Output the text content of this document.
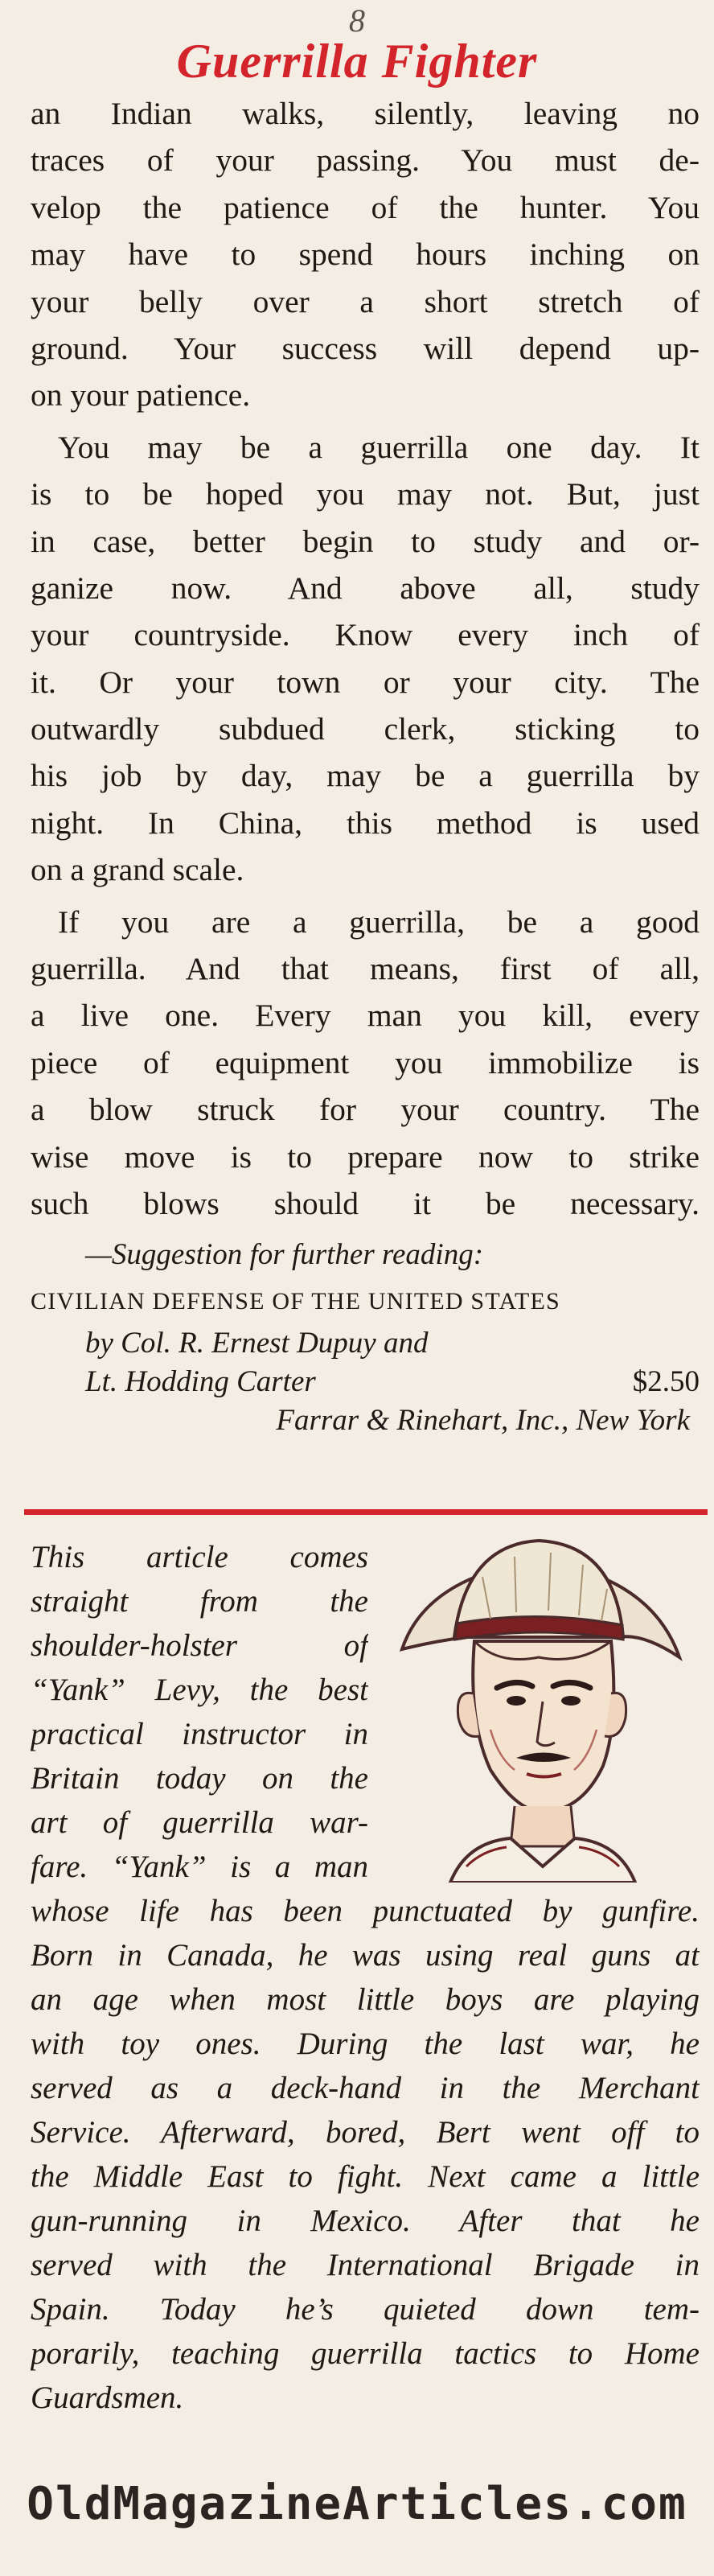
8
Guerrilla Fighter
an Indian walks, silently, leaving no
traces of your passing. You must de-
velop the patience of the hunter. You
may have to spend hours inching on
your belly over a short stretch of
ground. Your success will depend up-
on your patience.
You may be a guerrilla one day. It
is to be hoped you may not. But, just
in case, better begin to study and or-
ganize now. And above all, study
your countryside. Know every inch of
it. Or your town or your city. The
outwardly subdued clerk, sticking to
his job by day, may be a guerrilla by
night. In China, this method is used
on a grand scale.
If you are a guerrilla, be a good
guerrilla. And that means, first of all,
a live one. Every man you kill, every
piece of equipment you immobilize is
a blow struck for your country. The
wise move is to prepare now to strike
such blows should it be necessary.
—Suggestion for further reading:
CIVILIAN DEFENSE OF THE UNITED STATES
by Col. R. Ernest Dupuy and
Lt. Hodding Carter	$2.50
Farrar & Rinehart, Inc., New York
This article comes
straight from the
shoulder-holster of
“Yank” Levy, the best
practical instructor in
Britain today on the
art of guerrilla war-
fare. “Yank” is a man
whose life has been punctuated by gunfire.
Born in Canada, he was using real guns at
an age when most little boys are playing
with toy ones. During the last war, he
served as a deck-hand in the Merchant
Service. Afterward, bored, Bert went off to
the Middle East to fight. Next came a little
gun-running in Mexico. After that he
served with the International Brigade in
Spain. Today he’s quieted down tem-
porarily, teaching guerrilla tactics to Home
Guardsmen.
OldMagazineArticles.com
